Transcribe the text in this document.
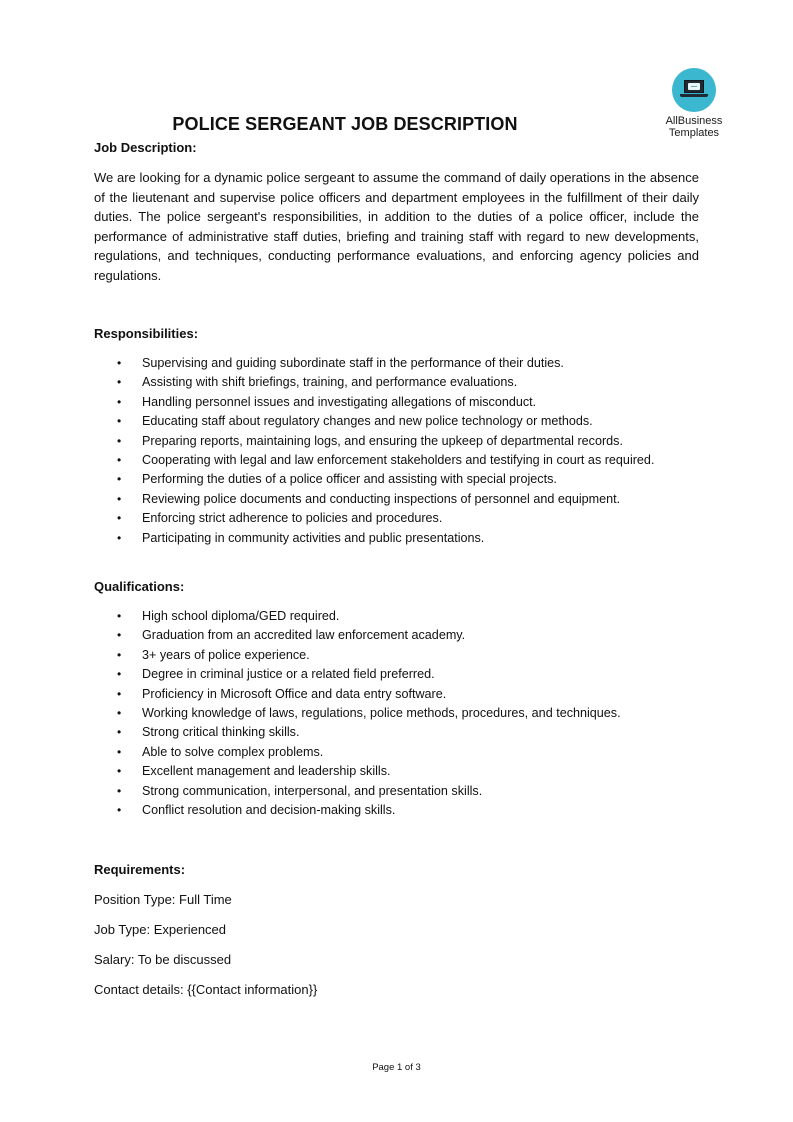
AllBusiness
Templates
POLICE SERGEANT JOB DESCRIPTION
Job Description:

We are looking for a dynamic police sergeant to assume the command of daily operations in the absence of the lieutenant and supervise police officers and department employees in the fulfillment of their daily duties. The police sergeant's responsibilities, in addition to the duties of a police officer, include the performance of administrative staff duties, briefing and training staff with regard to new developments, regulations, and techniques, conducting performance evaluations, and enforcing agency policies and regulations.

Responsibilities:
• Supervising and guiding subordinate staff in the performance of their duties.
• Assisting with shift briefings, training, and performance evaluations.
• Handling personnel issues and investigating allegations of misconduct.
• Educating staff about regulatory changes and new police technology or methods.
• Preparing reports, maintaining logs, and ensuring the upkeep of departmental records.
• Cooperating with legal and law enforcement stakeholders and testifying in court as required.
• Performing the duties of a police officer and assisting with special projects.
• Reviewing police documents and conducting inspections of personnel and equipment.
• Enforcing strict adherence to policies and procedures.
• Participating in community activities and public presentations.
Qualifications:
• High school diploma/GED required.
• Graduation from an accredited law enforcement academy.
• 3+ years of police experience.
• Degree in criminal justice or a related field preferred.
• Proficiency in Microsoft Office and data entry software.
• Working knowledge of laws, regulations, police methods, procedures, and techniques.
• Strong critical thinking skills.
• Able to solve complex problems.
• Excellent management and leadership skills.
• Strong communication, interpersonal, and presentation skills.
• Conflict resolution and decision-making skills.
Requirements:
Position Type: Full Time
Job Type: Experienced
Salary: To be discussed
Contact details: {{Contact information}}
Page 1 of 3
